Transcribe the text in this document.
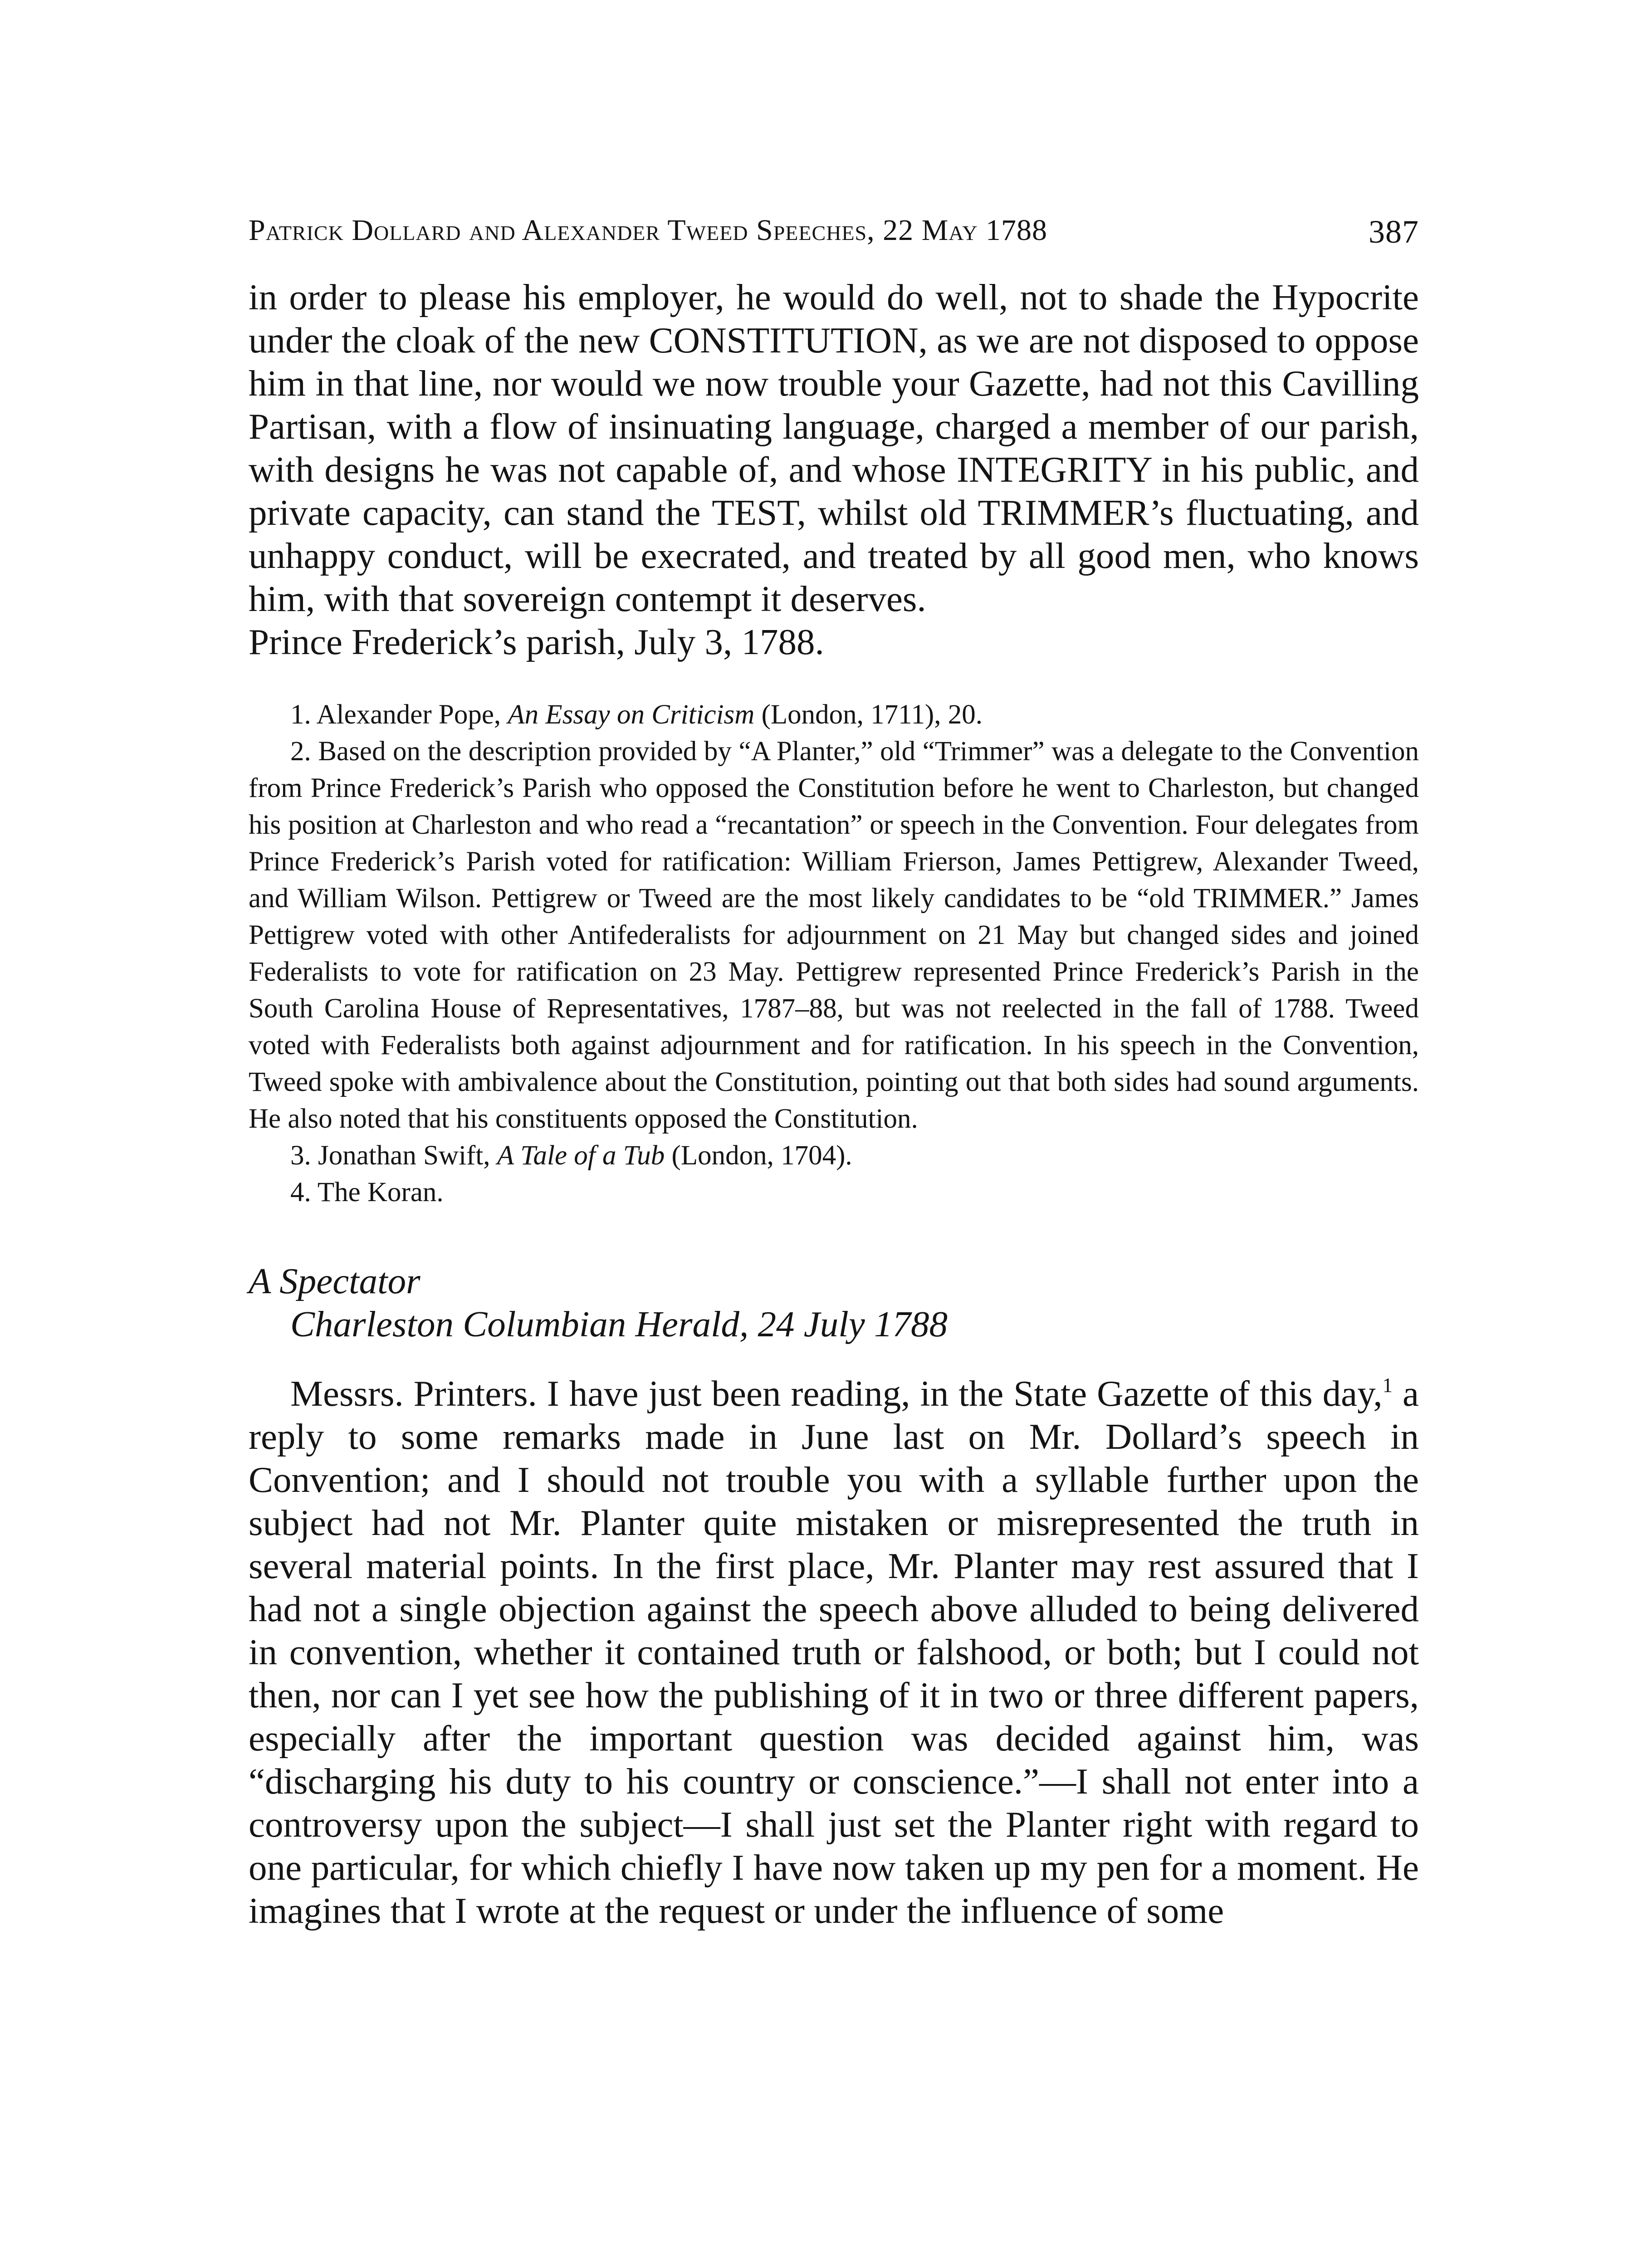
Patrick Dollard and Alexander Tweed Speeches, 22 May 1788	387

in order to please his employer, he would do well, not to shade the Hypocrite under the cloak of the new CONSTITUTION, as we are not disposed to oppose him in that line, nor would we now trouble your Gazette, had not this Cavilling Partisan, with a flow of insinuating language, charged a member of our parish, with designs he was not capable of, and whose INTEGRITY in his public, and private capacity, can stand the TEST, whilst old TRIMMER’s fluctuating, and unhappy conduct, will be execrated, and treated by all good men, who knows him, with that sovereign contempt it deserves.

Prince Frederick’s parish, July 3, 1788.

1. Alexander Pope, An Essay on Criticism (London, 1711), 20.

2. Based on the description provided by “A Planter,” old “Trimmer” was a delegate to the Convention from Prince Frederick’s Parish who opposed the Constitution before he went to Charleston, but changed his position at Charleston and who read a “recantation” or speech in the Convention. Four delegates from Prince Frederick’s Parish voted for ratification: William Frierson, James Pettigrew, Alexander Tweed, and William Wilson. Pettigrew or Tweed are the most likely candidates to be “old TRIMMER.” James Pettigrew voted with other Antifederalists for adjournment on 21 May but changed sides and joined Federalists to vote for ratification on 23 May. Pettigrew represented Prince Frederick’s Parish in the South Carolina House of Representatives, 1787–88, but was not reelected in the fall of 1788. Tweed voted with Federalists both against adjournment and for ratification. In his speech in the Convention, Tweed spoke with ambivalence about the Constitution, pointing out that both sides had sound arguments. He also noted that his constituents opposed the Constitution.

3. Jonathan Swift, A Tale of a Tub (London, 1704).

4. The Koran.

A Spectator
Charleston Columbian Herald, 24 July 1788

Messrs. Printers. I have just been reading, in the State Gazette of this day,$^1$ a reply to some remarks made in June last on Mr. Dollard’s speech in Convention; and I should not trouble you with a syllable further upon the subject had not Mr. Planter quite mistaken or misrepresented the truth in several material points. In the first place, Mr. Planter may rest assured that I had not a single objection against the speech above alluded to being delivered in convention, whether it contained truth or falshood, or both; but I could not then, nor can I yet see how the publishing of it in two or three different papers, especially after the important question was decided against him, was “discharging his duty to his country or conscience.”—I shall not enter into a controversy upon the subject—I shall just set the Planter right with regard to one particular, for which chiefly I have now taken up my pen for a moment. He imagines that I wrote at the request or under the influence of some
